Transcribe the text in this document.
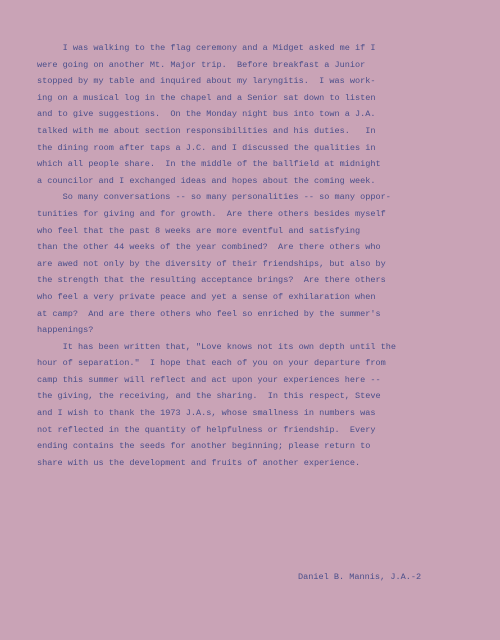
I was walking to the flag ceremony and a Midget asked me if I
were going on another Mt. Major trip.  Before breakfast a Junior
stopped by my table and inquired about my laryngitis.  I was work-
ing on a musical log in the chapel and a Senior sat down to listen
and to give suggestions.  On the Monday night bus into town a J.A.
talked with me about section responsibilities and his duties.   In
the dining room after taps a J.C. and I discussed the qualities in
which all people share.  In the middle of the ballfield at midnight
a councilor and I exchanged ideas and hopes about the coming week.
So many conversations -- so many personalities -- so many oppor-
tunities for giving and for growth.  Are there others besides myself
who feel that the past 8 weeks are more eventful and satisfying
than the other 44 weeks of the year combined?  Are there others who
are awed not only by the diversity of their friendships, but also by
the strength that the resulting acceptance brings?  Are there others
who feel a very private peace and yet a sense of exhilaration when
at camp?  And are there others who feel so enriched by the summer's
happenings?
It has been written that, "Love knows not its own depth until the
hour of separation."  I hope that each of you on your departure from
camp this summer will reflect and act upon your experiences here --
the giving, the receiving, and the sharing.  In this respect, Steve
and I wish to thank the 1973 J.A.s, whose smallness in numbers was
not reflected in the quantity of helpfulness or friendship.  Every
ending contains the seeds for another beginning; please return to
share with us the development and fruits of another experience.
Daniel B. Mannis, J.A.-2
